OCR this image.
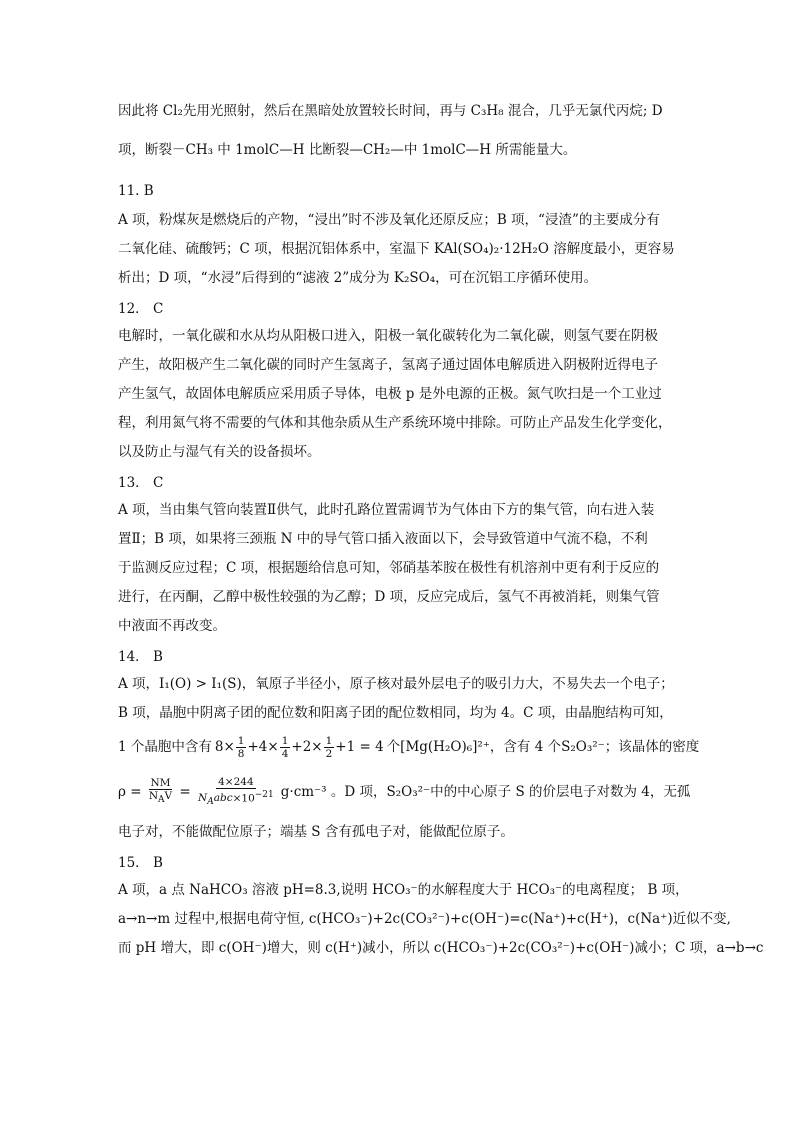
因此将 Cl₂先用光照射，然后在黑暗处放置较长时间，再与 C₃H₈ 混合，几乎无氯代丙烷; D

项，断裂－CH₃ 中 1molC—H 比断裂—CH₂—中 1molC—H 所需能量大。

11. B

A 项，粉煤灰是燃烧后的产物，“浸出”时不涉及氧化还原反应；B 项，“浸渣”的主要成分有

二氧化硅、硫酸钙；C 项，根据沉铝体系中，室温下 KAl(SO₄)₂·12H₂O 溶解度最小，更容易

析出；D 项，“水浸”后得到的“滤液 2”成分为 K₂SO₄，可在沉铝工序循环使用。

12． C

电解时，一氧化碳和水从均从阳极口进入，阳极一氧化碳转化为二氧化碳，则氢气要在阴极

产生，故阳极产生二氧化碳的同时产生氢离子，氢离子通过固体电解质进入阴极附近得电子

产生氢气，故固体电解质应采用质子导体，电极 p 是外电源的正极。氮气吹扫是一个工业过

程，利用氮气将不需要的气体和其他杂质从生产系统环境中排除。可防止产品发生化学变化，

以及防止与湿气有关的设备损坏。

13． C

A 项，当由集气管向装置Ⅱ供气，此时孔路位置需调节为气体由下方的集气管，向右进入装

置Ⅱ；B 项，如果将三颈瓶 N 中的导气管口插入液面以下，会导致管道中气流不稳，不利

于监测反应过程；C 项，根据题给信息可知，邻硝基苯胺在极性有机溶剂中更有利于反应的

进行，在丙酮，乙醇中极性较强的为乙醇；D 项，反应完成后，氢气不再被消耗，则集气管

中液面不再改变。

14． B

A 项，I₁(O) > I₁(S)，氧原子半径小，原子核对最外层电子的吸引力大，不易失去一个电子；

B 项，晶胞中阴离子团的配位数和阳离子团的配位数相同，均为 4。C 项，由晶胞结构可知，

1 个晶胞中含有 $8\times \frac{1}{8} +4\times \frac{1}{4} +2\times \frac{1}{2} +1 = 4$ 个[Mg(H₂O)₆]²⁺，含有 4 个S₂O₃²⁻；该晶体的密度

$\rho = \frac{NM}{N_AV} = \frac{4\times 244}{N_Aabc\times 10^{-21}} g\cdot cm^{-3}$ 。D 项，S₂O₃²⁻中的中心原子 S 的价层电子对数为 4，无孤

电子对，不能做配位原子；端基 S 含有孤电子对，能做配位原子。

15． B

A 项，a 点 NaHCO₃ 溶液 pH=8.3,说明 HCO₃⁻的水解程度大于 HCO₃⁻的电离程度； B 项，

a→n→m 过程中,根据电荷守恒, c(HCO₃⁻)+2c(CO₃²⁻)+c(OH⁻)=c(Na⁺)+c(H⁺)，c(Na⁺)近似不变,

而 pH 增大，即 c(OH⁻)增大，则 c(H⁺)减小，所以 c(HCO₃⁻)+2c(CO₃²⁻)+c(OH⁻)减小；C 项，a→b→c
